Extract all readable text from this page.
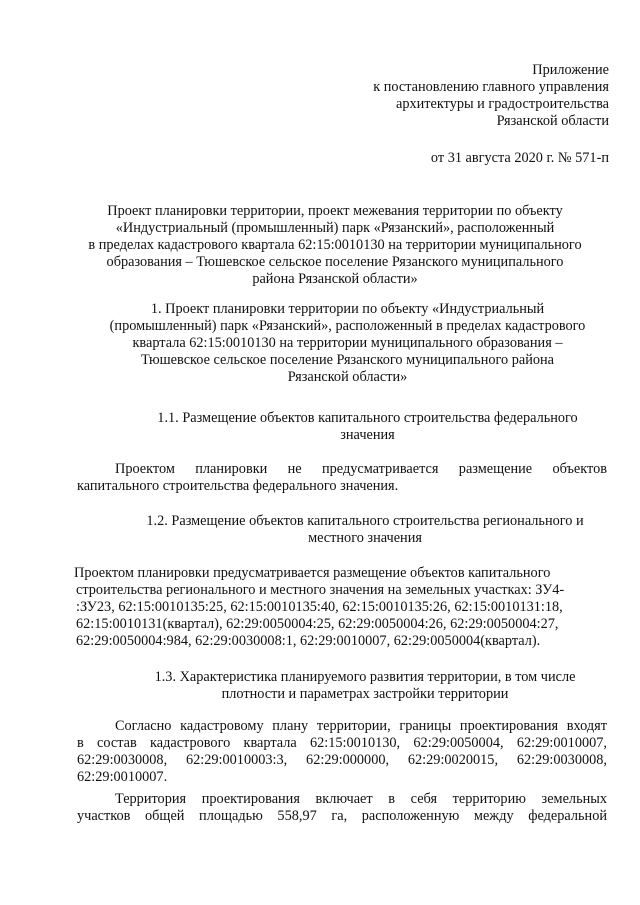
Приложение
к постановлению главного управления
архитектуры и градостроительства
Рязанской области
от 31 августа 2020 г. № 571-п
Проект планировки территории, проект межевания территории по объекту
«Индустриальный (промышленный) парк «Рязанский», расположенный
в пределах кадастрового квартала 62:15:0010130 на территории муниципального
образования – Тюшевское сельское поселение Рязанского муниципального
района Рязанской области»
1. Проект планировки территории по объекту «Индустриальный
(промышленный) парк «Рязанский», расположенный в пределах кадастрового
квартала 62:15:0010130 на территории муниципального образования –
Тюшевское сельское поселение Рязанского муниципального района
Рязанской области»
1.1. Размещение объектов капитального строительства федерального
значения
Проектом планировки не предусматривается размещение объектов
капитального строительства федерального значения.
1.2. Размещение объектов капитального строительства регионального и
местного значения
Проектом планировки предусматривается размещение объектов капитального
строительства регионального и местного значения на земельных участках: ЗУ4-
:ЗУ23, 62:15:0010135:25, 62:15:0010135:40, 62:15:0010135:26, 62:15:0010131:18,
62:15:0010131(квартал), 62:29:0050004:25, 62:29:0050004:26, 62:29:0050004:27,
62:29:0050004:984, 62:29:0030008:1, 62:29:0010007, 62:29:0050004(квартал).
1.3. Характеристика планируемого развития территории, в том числе
плотности и параметрах застройки территории
Согласно кадастровому плану территории, границы проектирования входят
в состав кадастрового квартала 62:15:0010130, 62:29:0050004, 62:29:0010007,
62:29:0030008, 62:29:0010003:3, 62:29:000000, 62:29:0020015, 62:29:0030008,
62:29:0010007.
Территория проектирования включает в себя территорию земельных
участков общей площадью 558,97 га, расположенную между федеральной
